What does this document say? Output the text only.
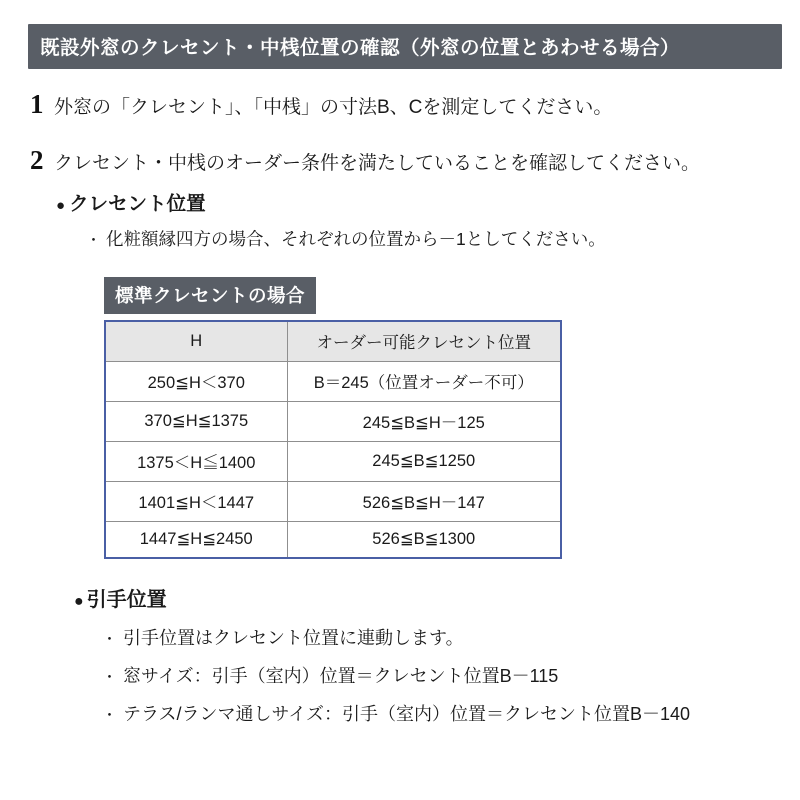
既設外窓のクレセント・中桟位置の確認（外窓の位置とあわせる場合）
1 外窓の「クレセント」、「中桟」の寸法B、Cを測定してください。
2 クレセント・中桟のオーダー条件を満たしていることを確認してください。
● クレセント位置
・ 化粧額縁四方の場合、それぞれの位置から－1としてください。
標準クレセントの場合
H	オーダー可能クレセント位置
250≦H＜370	B＝245（位置オーダー不可）
370≦H≦1375	245≦B≦H－125
1375＜H≦1400	245≦B≦1250
1401≦H＜1447	526≦B≦H－147
1447≦H≦2450	526≦B≦1300
● 引手位置
・ 引手位置はクレセント位置に連動します。
・ 窓サイズ：引手（室内）位置＝クレセント位置B－115
・ テラス/ランマ通しサイズ：引手（室内）位置＝クレセント位置B－140
